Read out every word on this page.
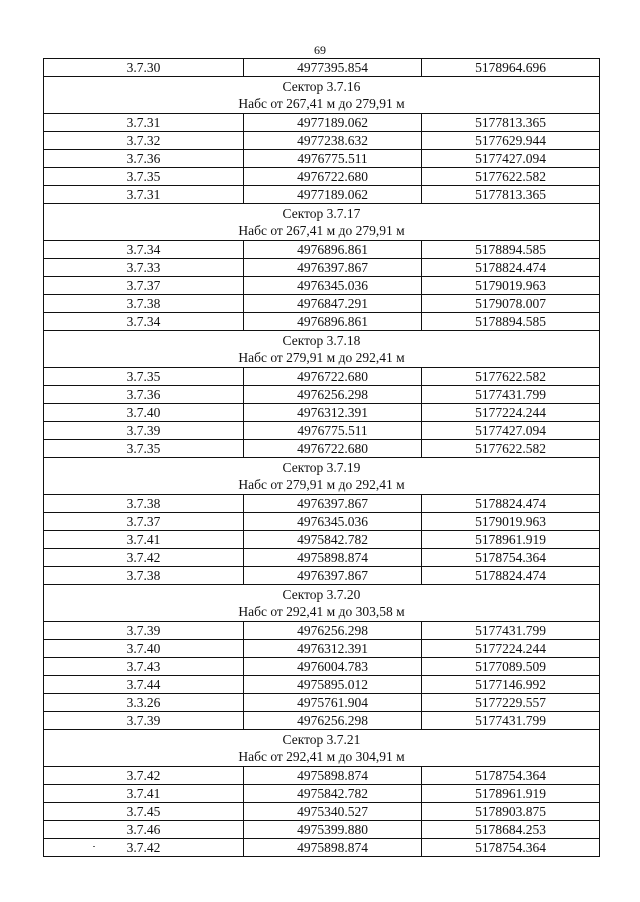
69
3.7.30	4977395.854	5178964.696

Сектор 3.7.16
Набс от 267,41 м до 279,91 м		

3.7.31	4977189.062	5177813.365
3.7.32	4977238.632	5177629.944
3.7.36	4976775.511	5177427.094
3.7.35	4976722.680	5177622.582
3.7.31	4977189.062	5177813.365

Сектор 3.7.17
Набс от 267,41 м до 279,91 м		

3.7.34	4976896.861	5178894.585
3.7.33	4976397.867	5178824.474
3.7.37	4976345.036	5179019.963
3.7.38	4976847.291	5179078.007
3.7.34	4976896.861	5178894.585

Сектор 3.7.18
Набс от 279,91 м до 292,41 м		

3.7.35	4976722.680	5177622.582
3.7.36	4976256.298	5177431.799
3.7.40	4976312.391	5177224.244
3.7.39	4976775.511	5177427.094
3.7.35	4976722.680	5177622.582

Сектор 3.7.19
Набс от 279,91 м до 292,41 м		

3.7.38	4976397.867	5178824.474
3.7.37	4976345.036	5179019.963
3.7.41	4975842.782	5178961.919
3.7.42	4975898.874	5178754.364
3.7.38	4976397.867	5178824.474

Сектор 3.7.20
Набс от 292,41 м до 303,58 м		

3.7.39	4976256.298	5177431.799
3.7.40	4976312.391	5177224.244
3.7.43	4976004.783	5177089.509
3.7.44	4975895.012	5177146.992
3.3.26	4975761.904	5177229.557
3.7.39	4976256.298	5177431.799

Сектор 3.7.21
Набс от 292,41 м до 304,91 м		

3.7.42	4975898.874	5178754.364
3.7.41	4975842.782	5178961.919
3.7.45	4975340.527	5178903.875
3.7.46	4975399.880	5178684.253
3.7.42	4975898.874	5178754.364
